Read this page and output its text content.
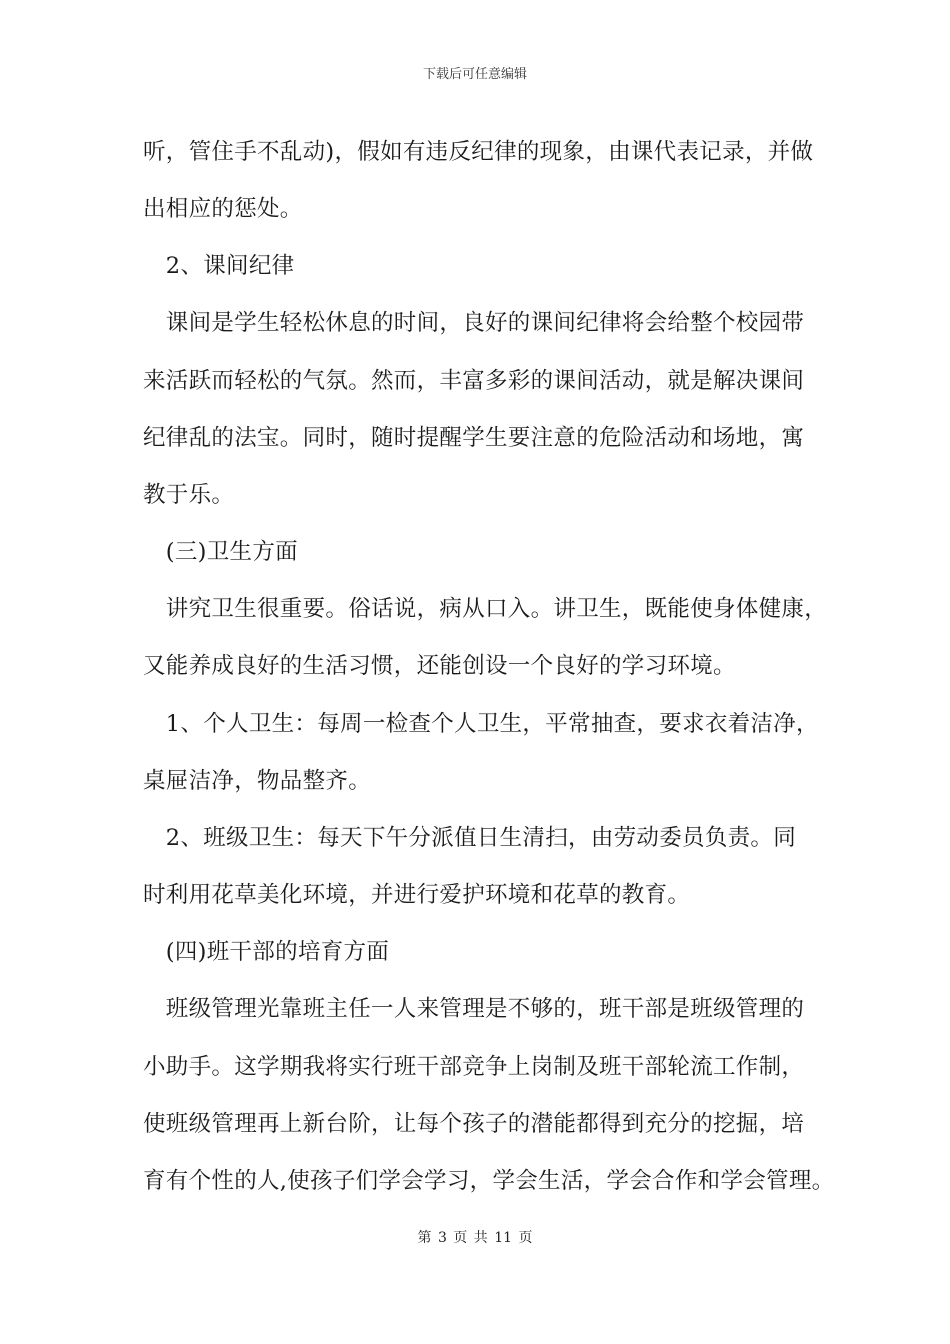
下载后可任意编辑
听，管住手不乱动)，假如有违反纪律的现象，由课代表记录，并做
出相应的惩处。
　2、课间纪律
　课间是学生轻松休息的时间，良好的课间纪律将会给整个校园带
来活跃而轻松的气氛。然而，丰富多彩的课间活动，就是解决课间
纪律乱的法宝。同时，随时提醒学生要注意的危险活动和场地，寓
教于乐。
　(三)卫生方面
　讲究卫生很重要。俗话说，病从口入。讲卫生，既能使身体健康，
又能养成良好的生活习惯，还能创设一个良好的学习环境。
　1、个人卫生：每周一检查个人卫生，平常抽查，要求衣着洁净，
桌屉洁净，物品整齐。
　2、班级卫生：每天下午分派值日生清扫，由劳动委员负责。同
时利用花草美化环境，并进行爱护环境和花草的教育。
　(四)班干部的培育方面
　班级管理光靠班主任一人来管理是不够的，班干部是班级管理的
小助手。这学期我将实行班干部竞争上岗制及班干部轮流工作制，
使班级管理再上新台阶，让每个孩子的潜能都得到充分的挖掘，培
育有个性的人,使孩子们学会学习，学会生活，学会合作和学会管理。
第 3 页 共 11 页
